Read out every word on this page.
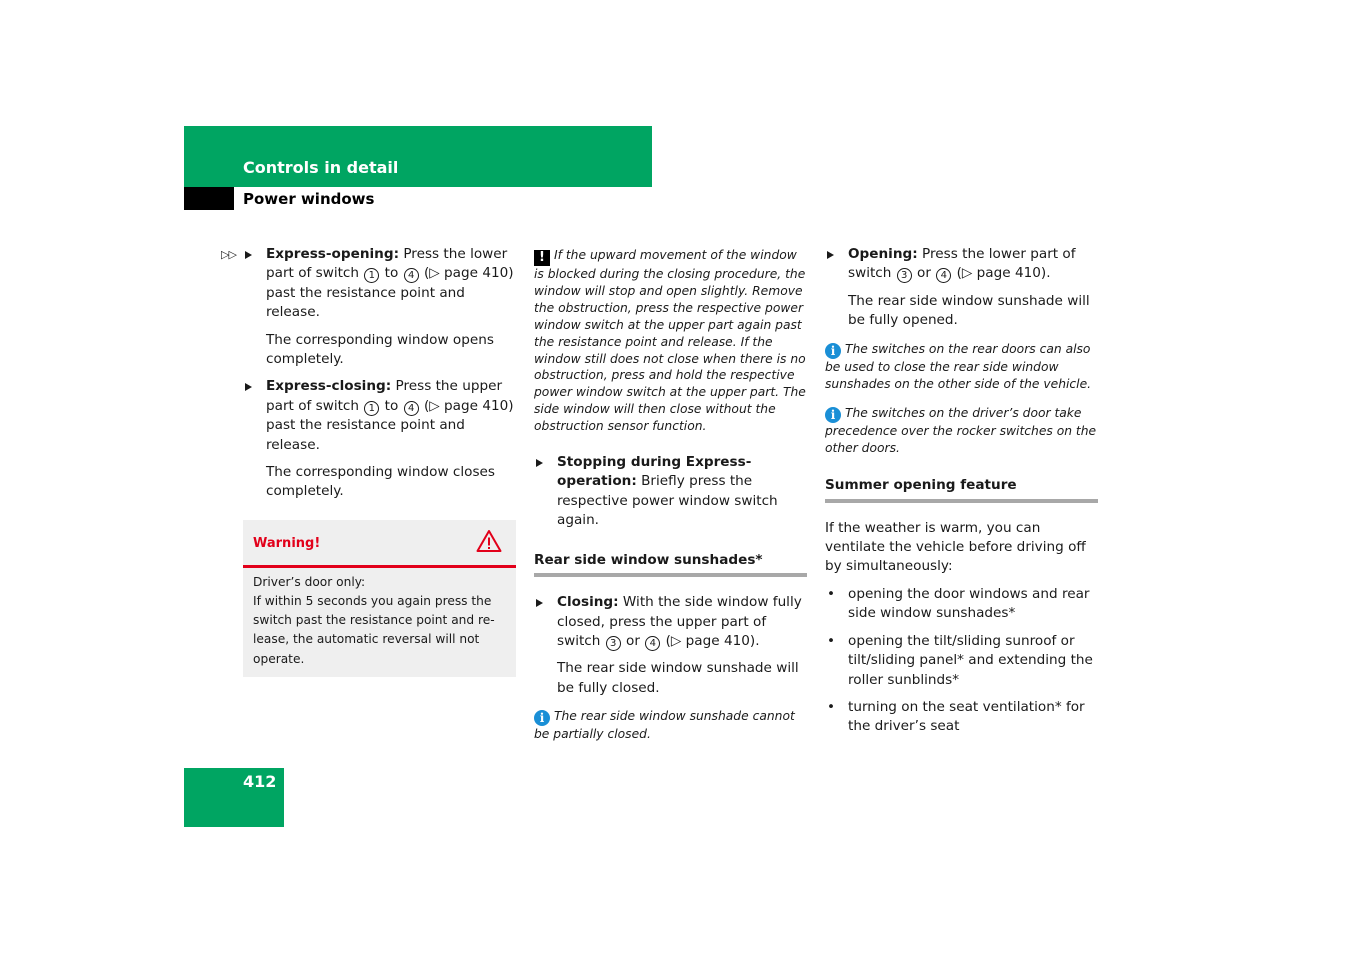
Controls in detail
Power windows
▷▷ Express-opening: Press the lower part of switch 1 to 4 (▷ page 410) past the resistance point and release.

The corresponding window opens completely.

Express-closing: Press the upper part of switch 1 to 4 (▷ page 410) past the resistance point and release.

The corresponding window closes completely.

Warning!

Driver’s door only:

If within 5 seconds you again press the switch past the resistance point and release, the automatic reversal will not operate.

! If the upward movement of the window is blocked during the closing procedure, the window will stop and open slightly. Remove the obstruction, press the respective power window switch at the upper part again past the resistance point and release. If the window still does not close when there is no obstruction, press and hold the respective power window switch at the upper part. The side window will then close without the obstruction sensor function.

Stopping during Express-operation: Briefly press the respective power window switch again.

Rear side window sunshades*

Closing: With the side window fully closed, press the upper part of switch 3 or 4 (▷ page 410).

The rear side window sunshade will be fully closed.

i The rear side window sunshade cannot be partially closed.

Opening: Press the lower part of switch 3 or 4 (▷ page 410).

The rear side window sunshade will be fully opened.

i The switches on the rear doors can also be used to close the rear side window sunshades on the other side of the vehicle.

i The switches on the driver’s door take precedence over the rocker switches on the other doors.

Summer opening feature

If the weather is warm, you can ventilate the vehicle before driving off by simultaneously:

• opening the door windows and rear side window sunshades*

• opening the tilt/sliding sunroof or tilt/sliding panel* and extending the roller sunblinds*

• turning on the seat ventilation* for the driver’s seat

412
